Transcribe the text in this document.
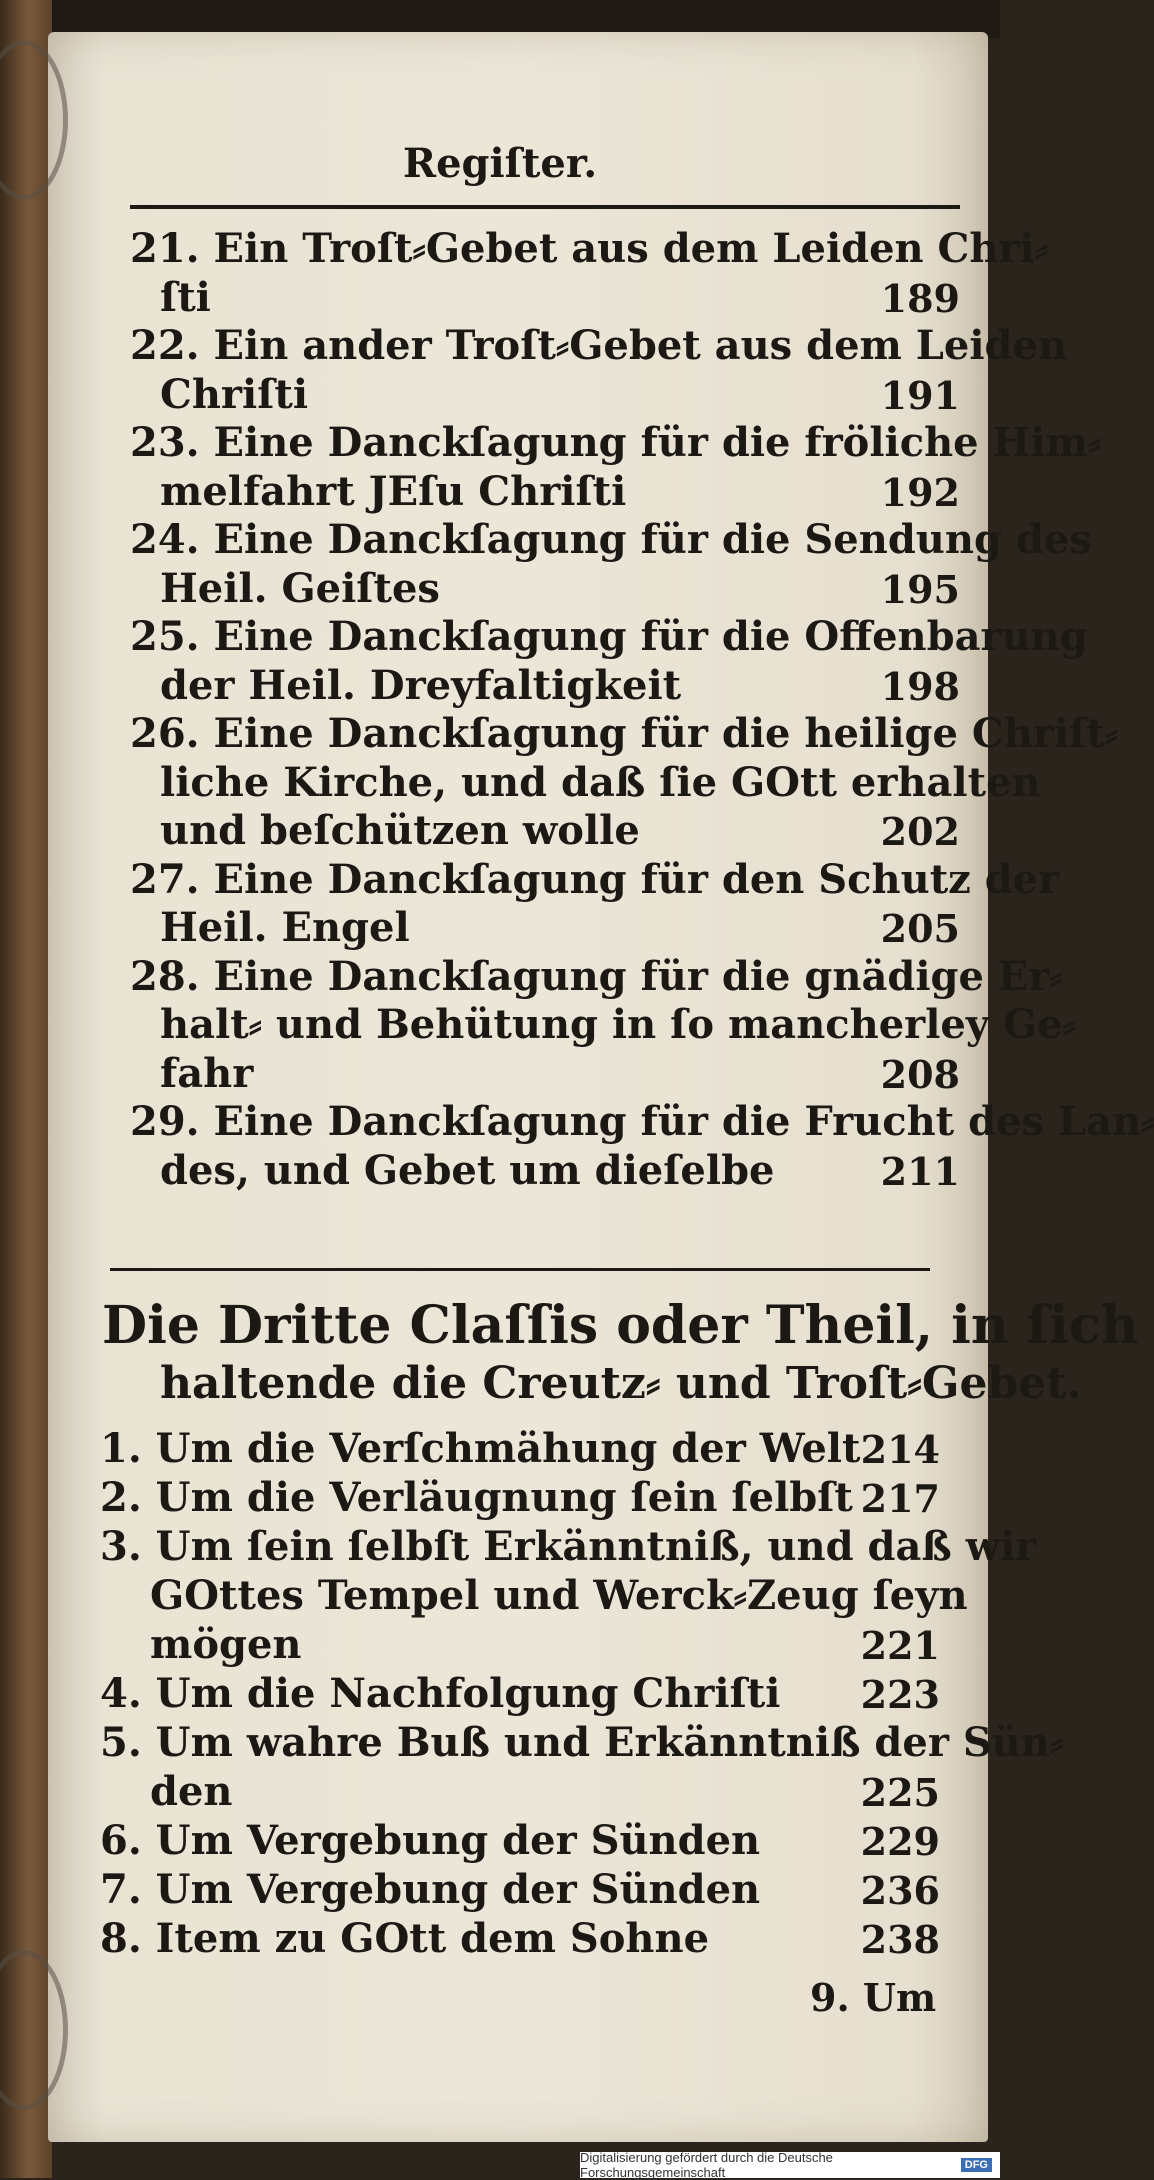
Regiſter.
21. Ein Troſt⸗Gebet aus dem Leiden Chri⸗
ſti	189
22. Ein ander Troſt⸗Gebet aus dem Leiden
Chriſti	191
23. Eine Danckſagung für die fröliche Him⸗
melfahrt JEſu Chriſti	192
24. Eine Danckſagung für die Sendung des
Heil. Geiſtes	195
25. Eine Danckſagung für die Offenbarung
der Heil. Dreyfaltigkeit	198
26. Eine Danckſagung für die heilige Chriſt⸗
liche Kirche, und daß ſie GOtt erhalten
und beſchützen wolle	202
27. Eine Danckſagung für den Schutz der
Heil. Engel	205
28. Eine Danckſagung für die gnädige Er⸗
halt⸗ und Behütung in ſo mancherley Ge⸗
fahr	208
29. Eine Danckſagung für die Frucht des Lan⸗
des, und Gebet um dieſelbe	211
Die Dritte Claſſis oder Theil, in ſich
haltende die Creutz⸗ und Troſt⸗Gebet.
1. Um die Verſchmähung der Welt 214
2. Um die Verläugnung ſein ſelbſt 217
3. Um ſein ſelbſt Erkänntniß, und daß wir
GOttes Tempel und Werck⸗Zeug ſeyn
mögen	221
4. Um die Nachfolgung Chriſti 223
5. Um wahre Buß und Erkänntniß der Sün⸗
den	225
6. Um Vergebung der Sünden	229
7. Um Vergebung der Sünden	236
8. Item zu GOtt dem Sohne	238
9. Um
Digitalisierung gefördert durch die Deutsche Forschungsgemeinschaft	DFG
